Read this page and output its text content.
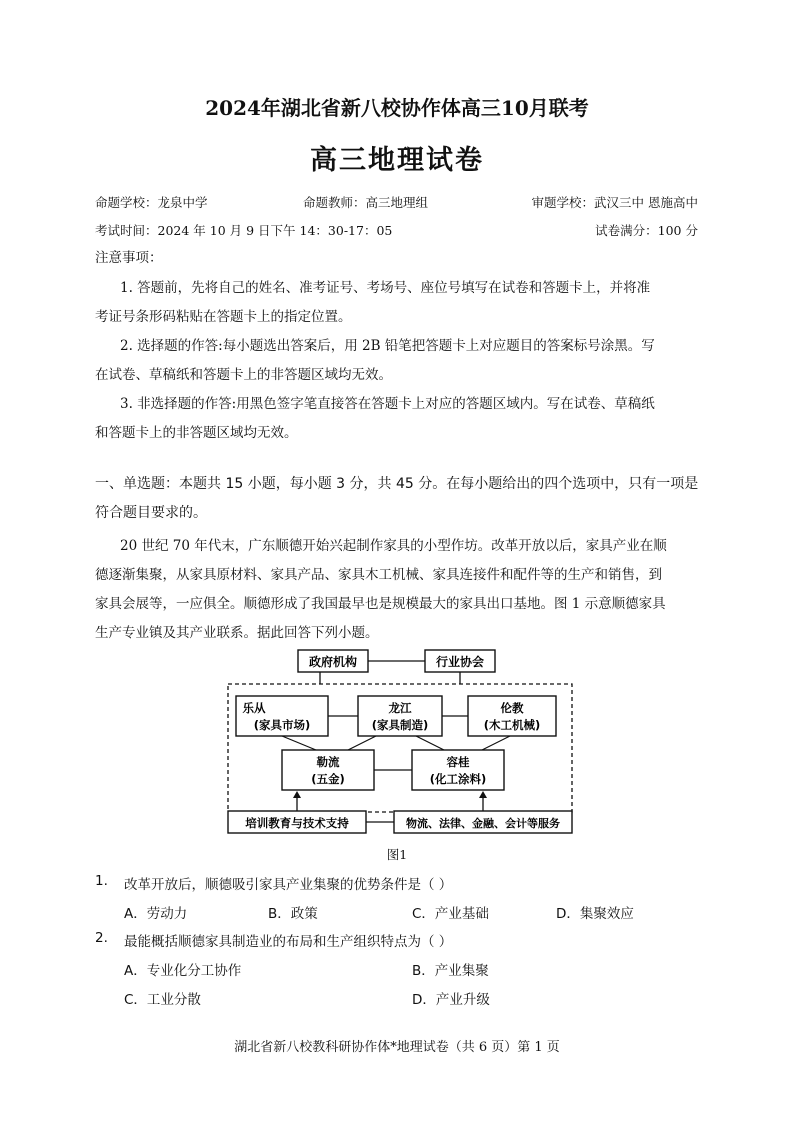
2024年湖北省新八校协作体高三10月联考
高三地理试卷
命题学校：龙泉中学	命题教师：高三地理组	审题学校：武汉三中 恩施高中
考试时间：2024 年 10 月 9 日下午 14：30-17：05	试卷满分：100 分
注意事项：
1. 答题前，先将自己的姓名、准考证号、考场号、座位号填写在试卷和答题卡上，并将准
考证号条形码粘贴在答题卡上的指定位置。
2. 选择题的作答:每小题选出答案后，用 2B 铅笔把答题卡上对应题目的答案标号涂黑。写
在试卷、草稿纸和答题卡上的非答题区域均无效。
3. 非选择题的作答:用黑色签字笔直接答在答题卡上对应的答题区域内。写在试卷、草稿纸
和答题卡上的非答题区域均无效。
一、单选题：本题共 15 小题，每小题 3 分，共 45 分。在每小题给出的四个选项中，只有一项是
符合题目要求的。
20 世纪 70 年代末，广东顺德开始兴起制作家具的小型作坊。改革开放以后，家具产业在顺
德逐渐集聚，从家具原材料、家具产品、家具木工机械、家具连接件和配件等的生产和销售，到
家具会展等，一应俱全。顺德形成了我国最早也是规模最大的家具出口基地。图 1 示意顺德家具
生产专业镇及其产业联系。据此回答下列小题。
政府机构	行业协会
乐从
(家具市场)
龙江
(家具制造)
伦教
(木工机械)
勒流
(五金)
容桂
(化工涂料)
培训教育与技术支持	物流、法律、金融、会计等服务
图1
1. 改革开放后，顺德吸引家具产业集聚的优势条件是（ ）
A．劳动力	B．政策	C．产业基础	D．集聚效应
2. 最能概括顺德家具制造业的布局和生产组织特点为（ ）
A．专业化分工协作	B．产业集聚
C．工业分散	D．产业升级
湖北省新八校教科研协作体*地理试卷（共 6 页）第 1 页
